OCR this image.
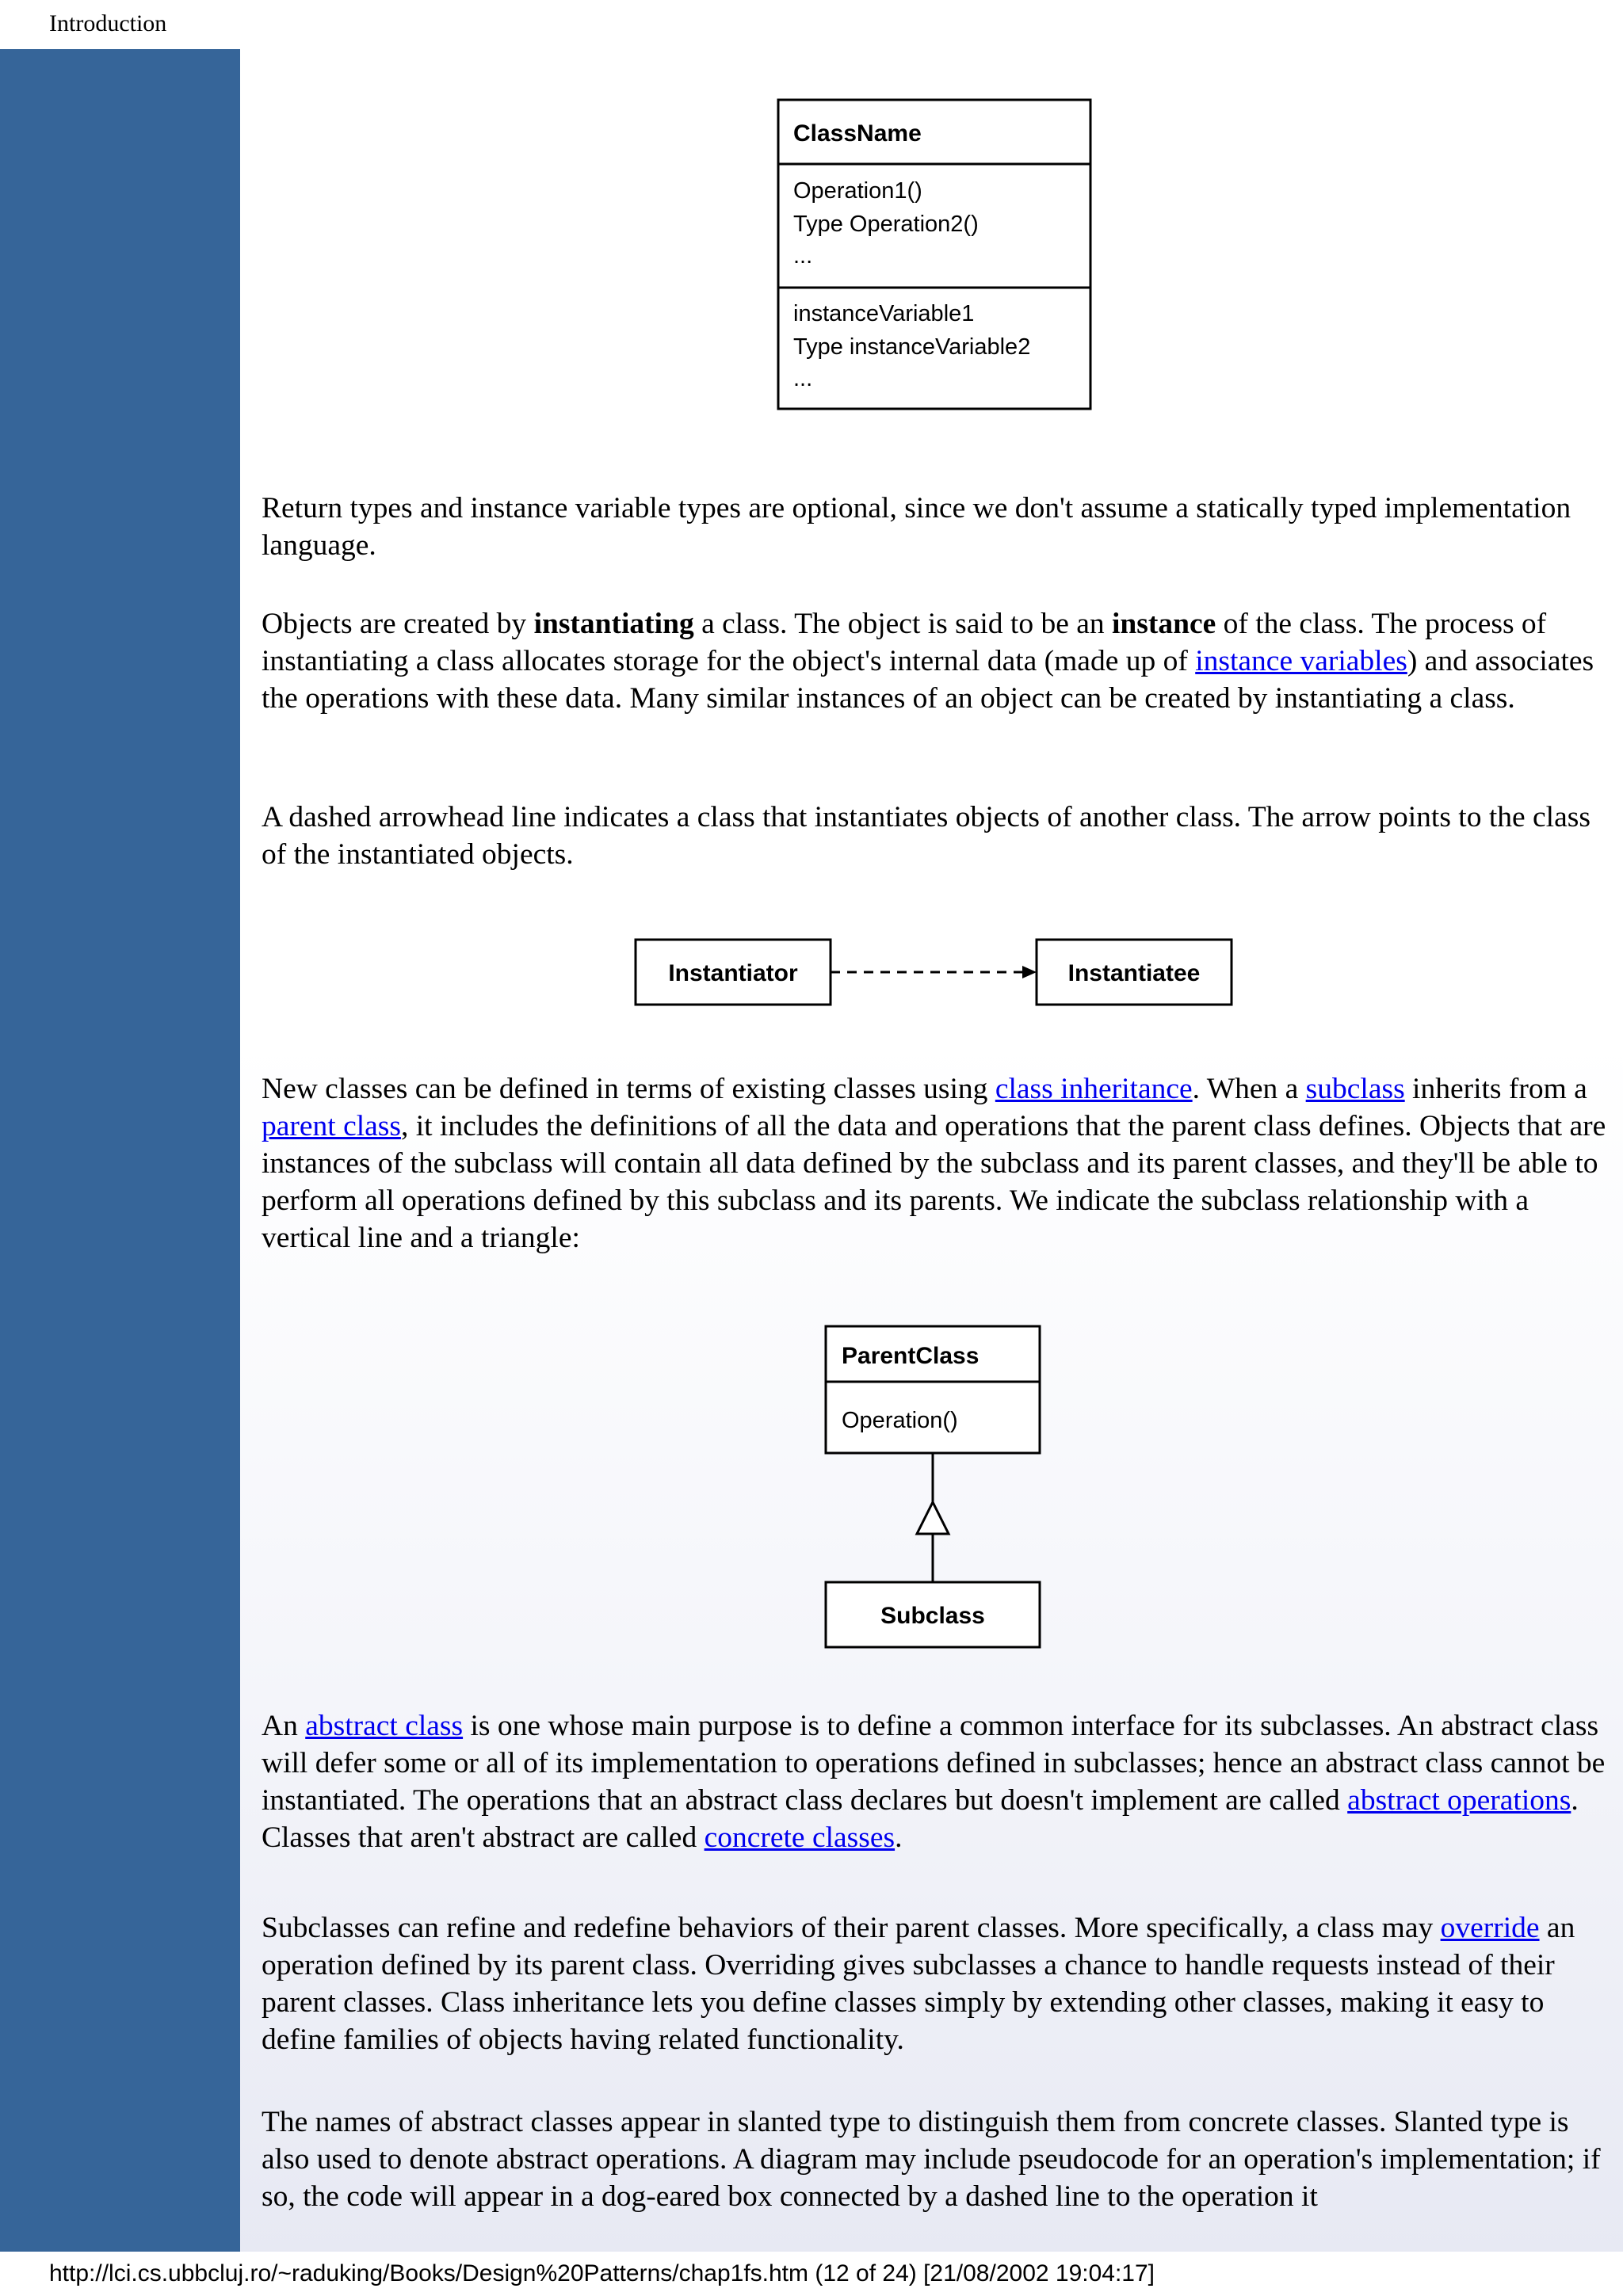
Introduction
ClassName
Operation1()
Type Operation2()
...
instanceVariable1
Type instanceVariable2
...

Return types and instance variable types are optional, since we don't assume a statically typed implementation language.

Objects are created by instantiating a class. The object is said to be an instance of the class. The process of instantiating a class allocates storage for the object's internal data (made up of instance variables) and associates the operations with these data. Many similar instances of an object can be created by instantiating a class.

A dashed arrowhead line indicates a class that instantiates objects of another class. The arrow points to the class of the instantiated objects.

Instantiator	Instantiatee

New classes can be defined in terms of existing classes using class inheritance. When a subclass inherits from a parent class, it includes the definitions of all the data and operations that the parent class defines. Objects that are instances of the subclass will contain all data defined by the subclass and its parent classes, and they'll be able to perform all operations defined by this subclass and its parents. We indicate the subclass relationship with a vertical line and a triangle:

ParentClass
Operation()
Subclass

An abstract class is one whose main purpose is to define a common interface for its subclasses. An abstract class will defer some or all of its implementation to operations defined in subclasses; hence an abstract class cannot be instantiated. The operations that an abstract class declares but doesn't implement are called abstract operations. Classes that aren't abstract are called concrete classes.

Subclasses can refine and redefine behaviors of their parent classes. More specifically, a class may override an operation defined by its parent class. Overriding gives subclasses a chance to handle requests instead of their parent classes. Class inheritance lets you define classes simply by extending other classes, making it easy to define families of objects having related functionality.

The names of abstract classes appear in slanted type to distinguish them from concrete classes. Slanted type is also used to denote abstract operations. A diagram may include pseudocode for an operation's implementation; if so, the code will appear in a dog-eared box connected by a dashed line to the operation it

http://lci.cs.ubbcluj.ro/~raduking/Books/Design%20Patterns/chap1fs.htm (12 of 24) [21/08/2002 19:04:17]
